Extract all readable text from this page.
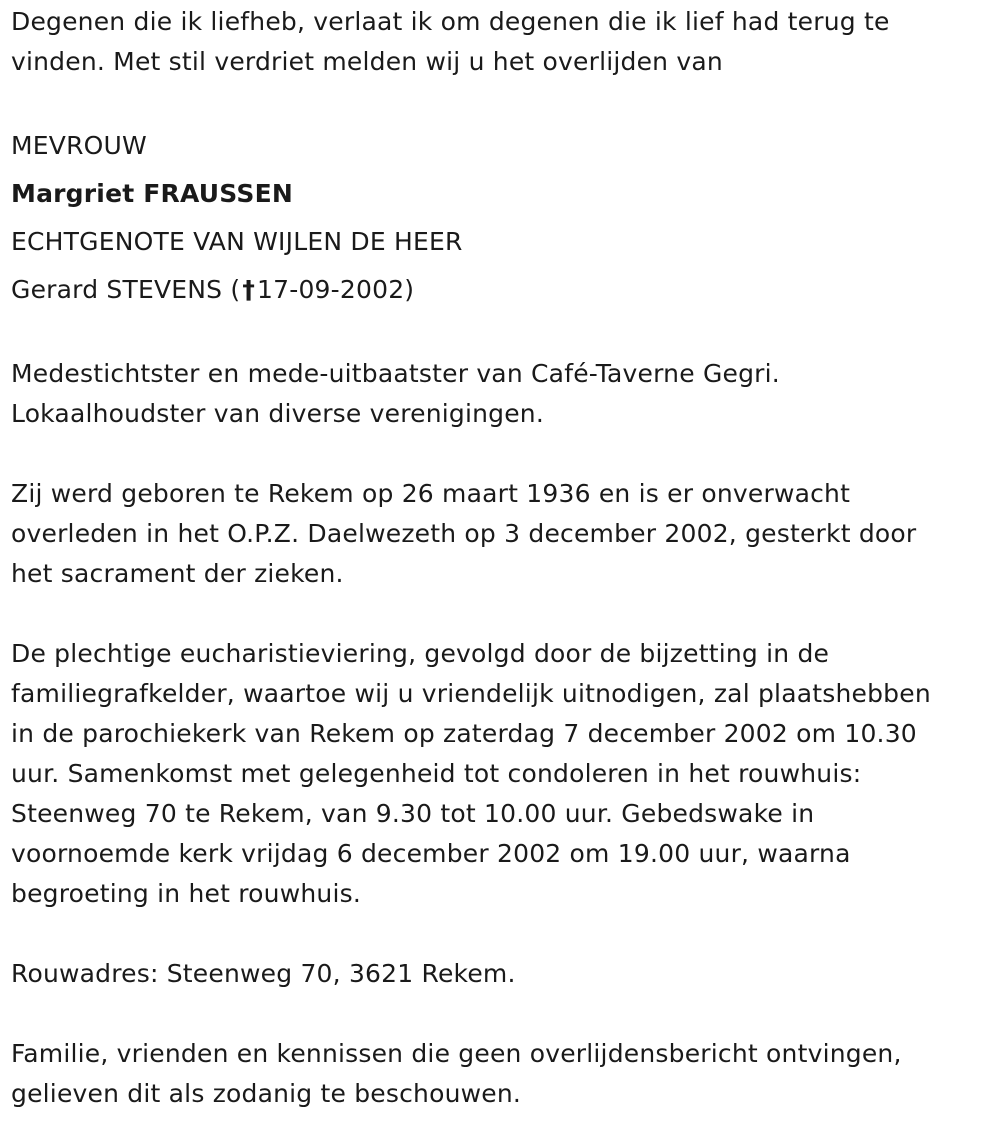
Degenen die ik liefheb, verlaat ik om degenen die ik lief had terug te
vinden. Met stil verdriet melden wij u het overlijden van
MEVROUW
Margriet FRAUSSEN
ECHTGENOTE VAN WIJLEN DE HEER
Gerard STEVENS (†17-09-2002)
Medestichtster en mede-uitbaatster van Café-Taverne Gegri.
Lokaalhoudster van diverse verenigingen.
Zij werd geboren te Rekem op 26 maart 1936 en is er onverwacht
overleden in het O.P.Z. Daelwezeth op 3 december 2002, gesterkt door
het sacrament der zieken.
De plechtige eucharistieviering, gevolgd door de bijzetting in de
familiegrafkelder, waartoe wij u vriendelijk uitnodigen, zal plaatshebben
in de parochiekerk van Rekem op zaterdag 7 december 2002 om 10.30
uur. Samenkomst met gelegenheid tot condoleren in het rouwhuis:
Steenweg 70 te Rekem, van 9.30 tot 10.00 uur. Gebedswake in
voornoemde kerk vrijdag 6 december 2002 om 19.00 uur, waarna
begroeting in het rouwhuis.
Rouwadres: Steenweg 70, 3621 Rekem.
Familie, vrienden en kennissen die geen overlijdensbericht ontvingen,
gelieven dit als zodanig te beschouwen.
